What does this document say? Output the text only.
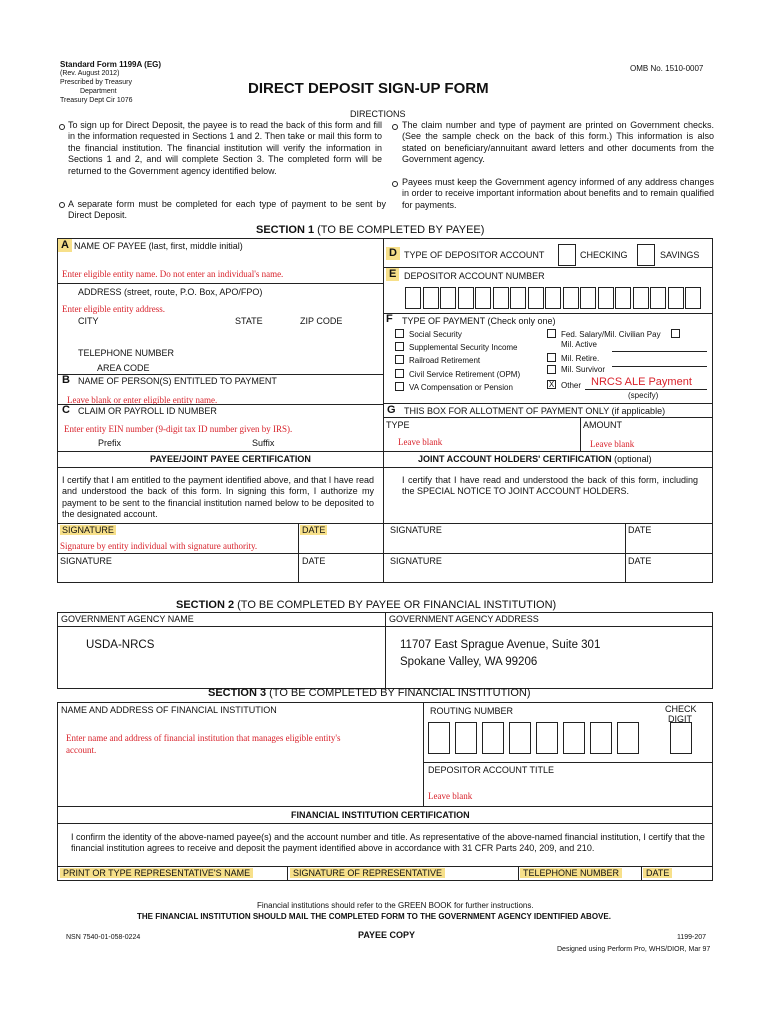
Standard Form 1199A (EG)
(Rev. August 2012)
Prescribed by Treasury
Department
Treasury Dept Cir 1076
DIRECT DEPOSIT SIGN-UP FORM
OMB No. 1510-0007
DIRECTIONS
To sign up for Direct Deposit, the payee is to read the back of this form and fill in the information requested in Sections 1 and 2. Then take or mail this form to the financial institution. The financial institution will verify the information in Sections 1 and 2, and will complete Section 3. The completed form will be returned to the Government agency identified below.
A separate form must be completed for each type of payment to be sent by Direct Deposit.
The claim number and type of payment are printed on Government checks. (See the sample check on the back of this form.) This information is also stated on beneficiary/annuitant award letters and other documents from the Government agency.
Payees must keep the Government agency informed of any address changes in order to receive important information about benefits and to remain qualified for payments.
SECTION 1 (TO BE COMPLETED BY PAYEE)
A NAME OF PAYEE (last, first, middle initial)
Enter eligible entity name. Do not enter an individual's name.
ADDRESS (street, route, P.O. Box, APO/FPO)
Enter eligible entity address.
CITY	STATE	ZIP CODE
TELEPHONE NUMBER
AREA CODE
B NAME OF PERSON(S) ENTITLED TO PAYMENT
Leave blank or enter eligible entity name.
C CLAIM OR PAYROLL ID NUMBER
Enter entity EIN number (9-digit tax ID number given by IRS).
Prefix	Suffix
D TYPE OF DEPOSITOR ACCOUNT	CHECKING	SAVINGS
E DEPOSITOR ACCOUNT NUMBER
F TYPE OF PAYMENT (Check only one)
Social Security
Supplemental Security Income
Railroad Retirement
Civil Service Retirement (OPM)
VA Compensation or Pension
Fed. Salary/Mil. Civilian Pay
Mil. Active
Mil. Retire.
Mil. Survivor
X Other NRCS ALE Payment
(specify)
G THIS BOX FOR ALLOTMENT OF PAYMENT ONLY (if applicable)
TYPE	AMOUNT
Leave blank	Leave blank
PAYEE/JOINT PAYEE CERTIFICATION	JOINT ACCOUNT HOLDERS' CERTIFICATION (optional)
I certify that I am entitled to the payment identified above, and that I have read and understood the back of this form. In signing this form, I authorize my payment to be sent to the financial institution named below to be deposited to the designated account.
I certify that I have read and understood the back of this form, including the SPECIAL NOTICE TO JOINT ACCOUNT HOLDERS.
SIGNATURE	DATE	SIGNATURE	DATE
Signature by entity individual with signature authority.
SIGNATURE	DATE	SIGNATURE	DATE
SECTION 2 (TO BE COMPLETED BY PAYEE OR FINANCIAL INSTITUTION)
GOVERNMENT AGENCY NAME	GOVERNMENT AGENCY ADDRESS
USDA-NRCS	11707 East Sprague Avenue, Suite 301
Spokane Valley, WA 99206
SECTION 3 (TO BE COMPLETED BY FINANCIAL INSTITUTION)
NAME AND ADDRESS OF FINANCIAL INSTITUTION
Enter name and address of financial institution that manages eligible entity's
account.
ROUTING NUMBER	CHECK
DIGIT
DEPOSITOR ACCOUNT TITLE
Leave blank
FINANCIAL INSTITUTION CERTIFICATION
I confirm the identity of the above-named payee(s) and the account number and title. As representative of the above-named financial institution, I certify that the financial institution agrees to receive and deposit the payment identified above in accordance with 31 CFR Parts 240, 209, and 210.
PRINT OR TYPE REPRESENTATIVE'S NAME	SIGNATURE OF REPRESENTATIVE	TELEPHONE NUMBER	DATE
Financial institutions should refer to the GREEN BOOK for further instructions.
THE FINANCIAL INSTITUTION SHOULD MAIL THE COMPLETED FORM TO THE GOVERNMENT AGENCY IDENTIFIED ABOVE.
NSN 7540-01-058-0224	PAYEE COPY	1199-207
Designed using Perform Pro, WHS/DIOR, Mar 97
